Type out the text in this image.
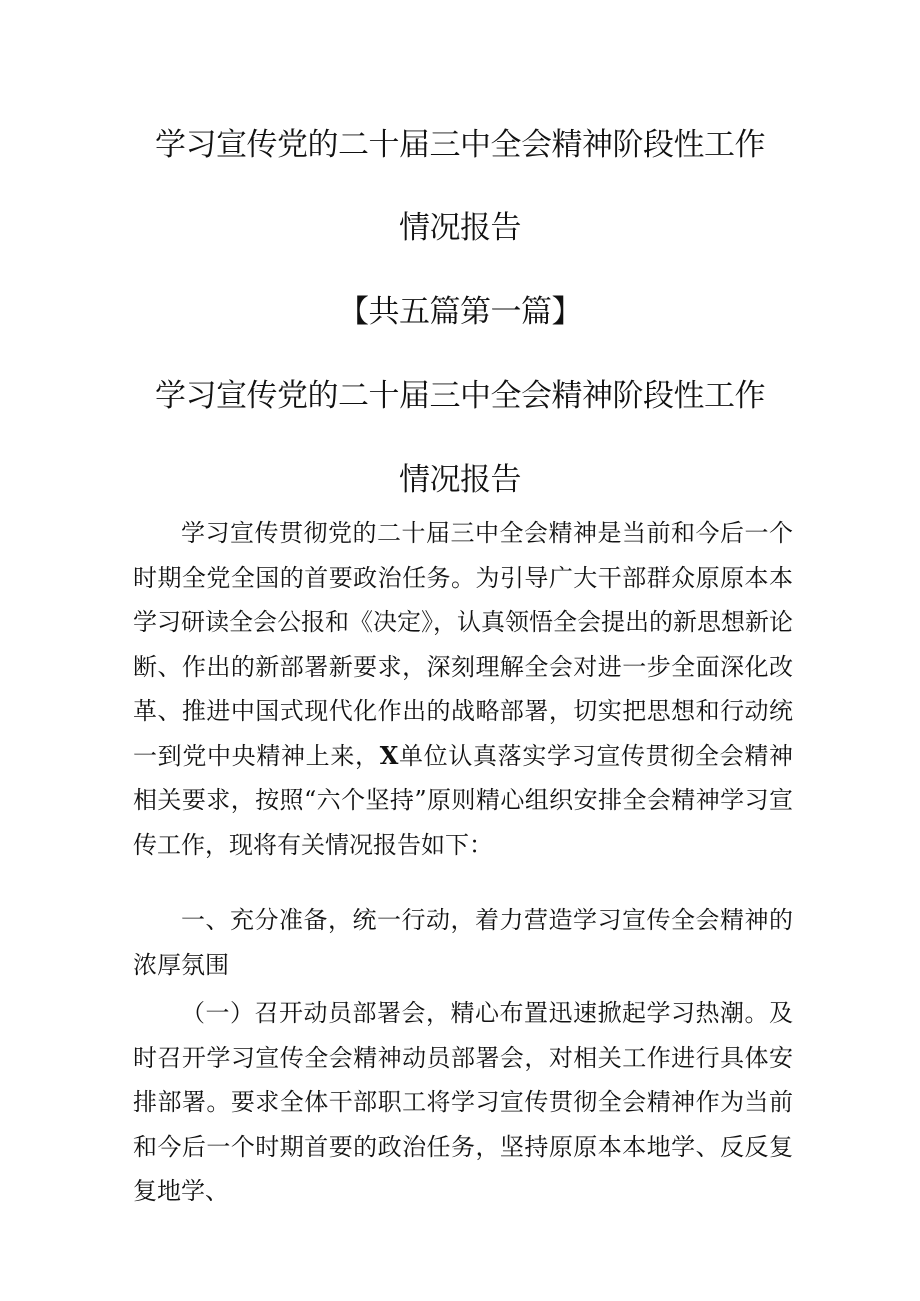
学习宣传党的二十届三中全会精神阶段性工作
情况报告
【共五篇第一篇】
学习宣传党的二十届三中全会精神阶段性工作
情况报告

学习宣传贯彻党的二十届三中全会精神是当前和今后一个时期全党全国的首要政治任务。为引导广大干部群众原原本本学习研读全会公报和《决定》，认真领悟全会提出的新思想新论断、作出的新部署新要求，深刻理解全会对进一步全面深化改革、推进中国式现代化作出的战略部署，切实把思想和行动统一到党中央精神上来，X单位认真落实学习宣传贯彻全会精神相关要求，按照“六个坚持”原则精心组织安排全会精神学习宣传工作，现将有关情况报告如下：

一、充分准备，统一行动，着力营造学习宣传全会精神的浓厚氛围

（一）召开动员部署会，精心布置迅速掀起学习热潮。及时召开学习宣传全会精神动员部署会，对相关工作进行具体安排部署。要求全体干部职工将学习宣传贯彻全会精神作为当前和今后一个时期首要的政治任务，坚持原原本本地学、反反复复地学、
